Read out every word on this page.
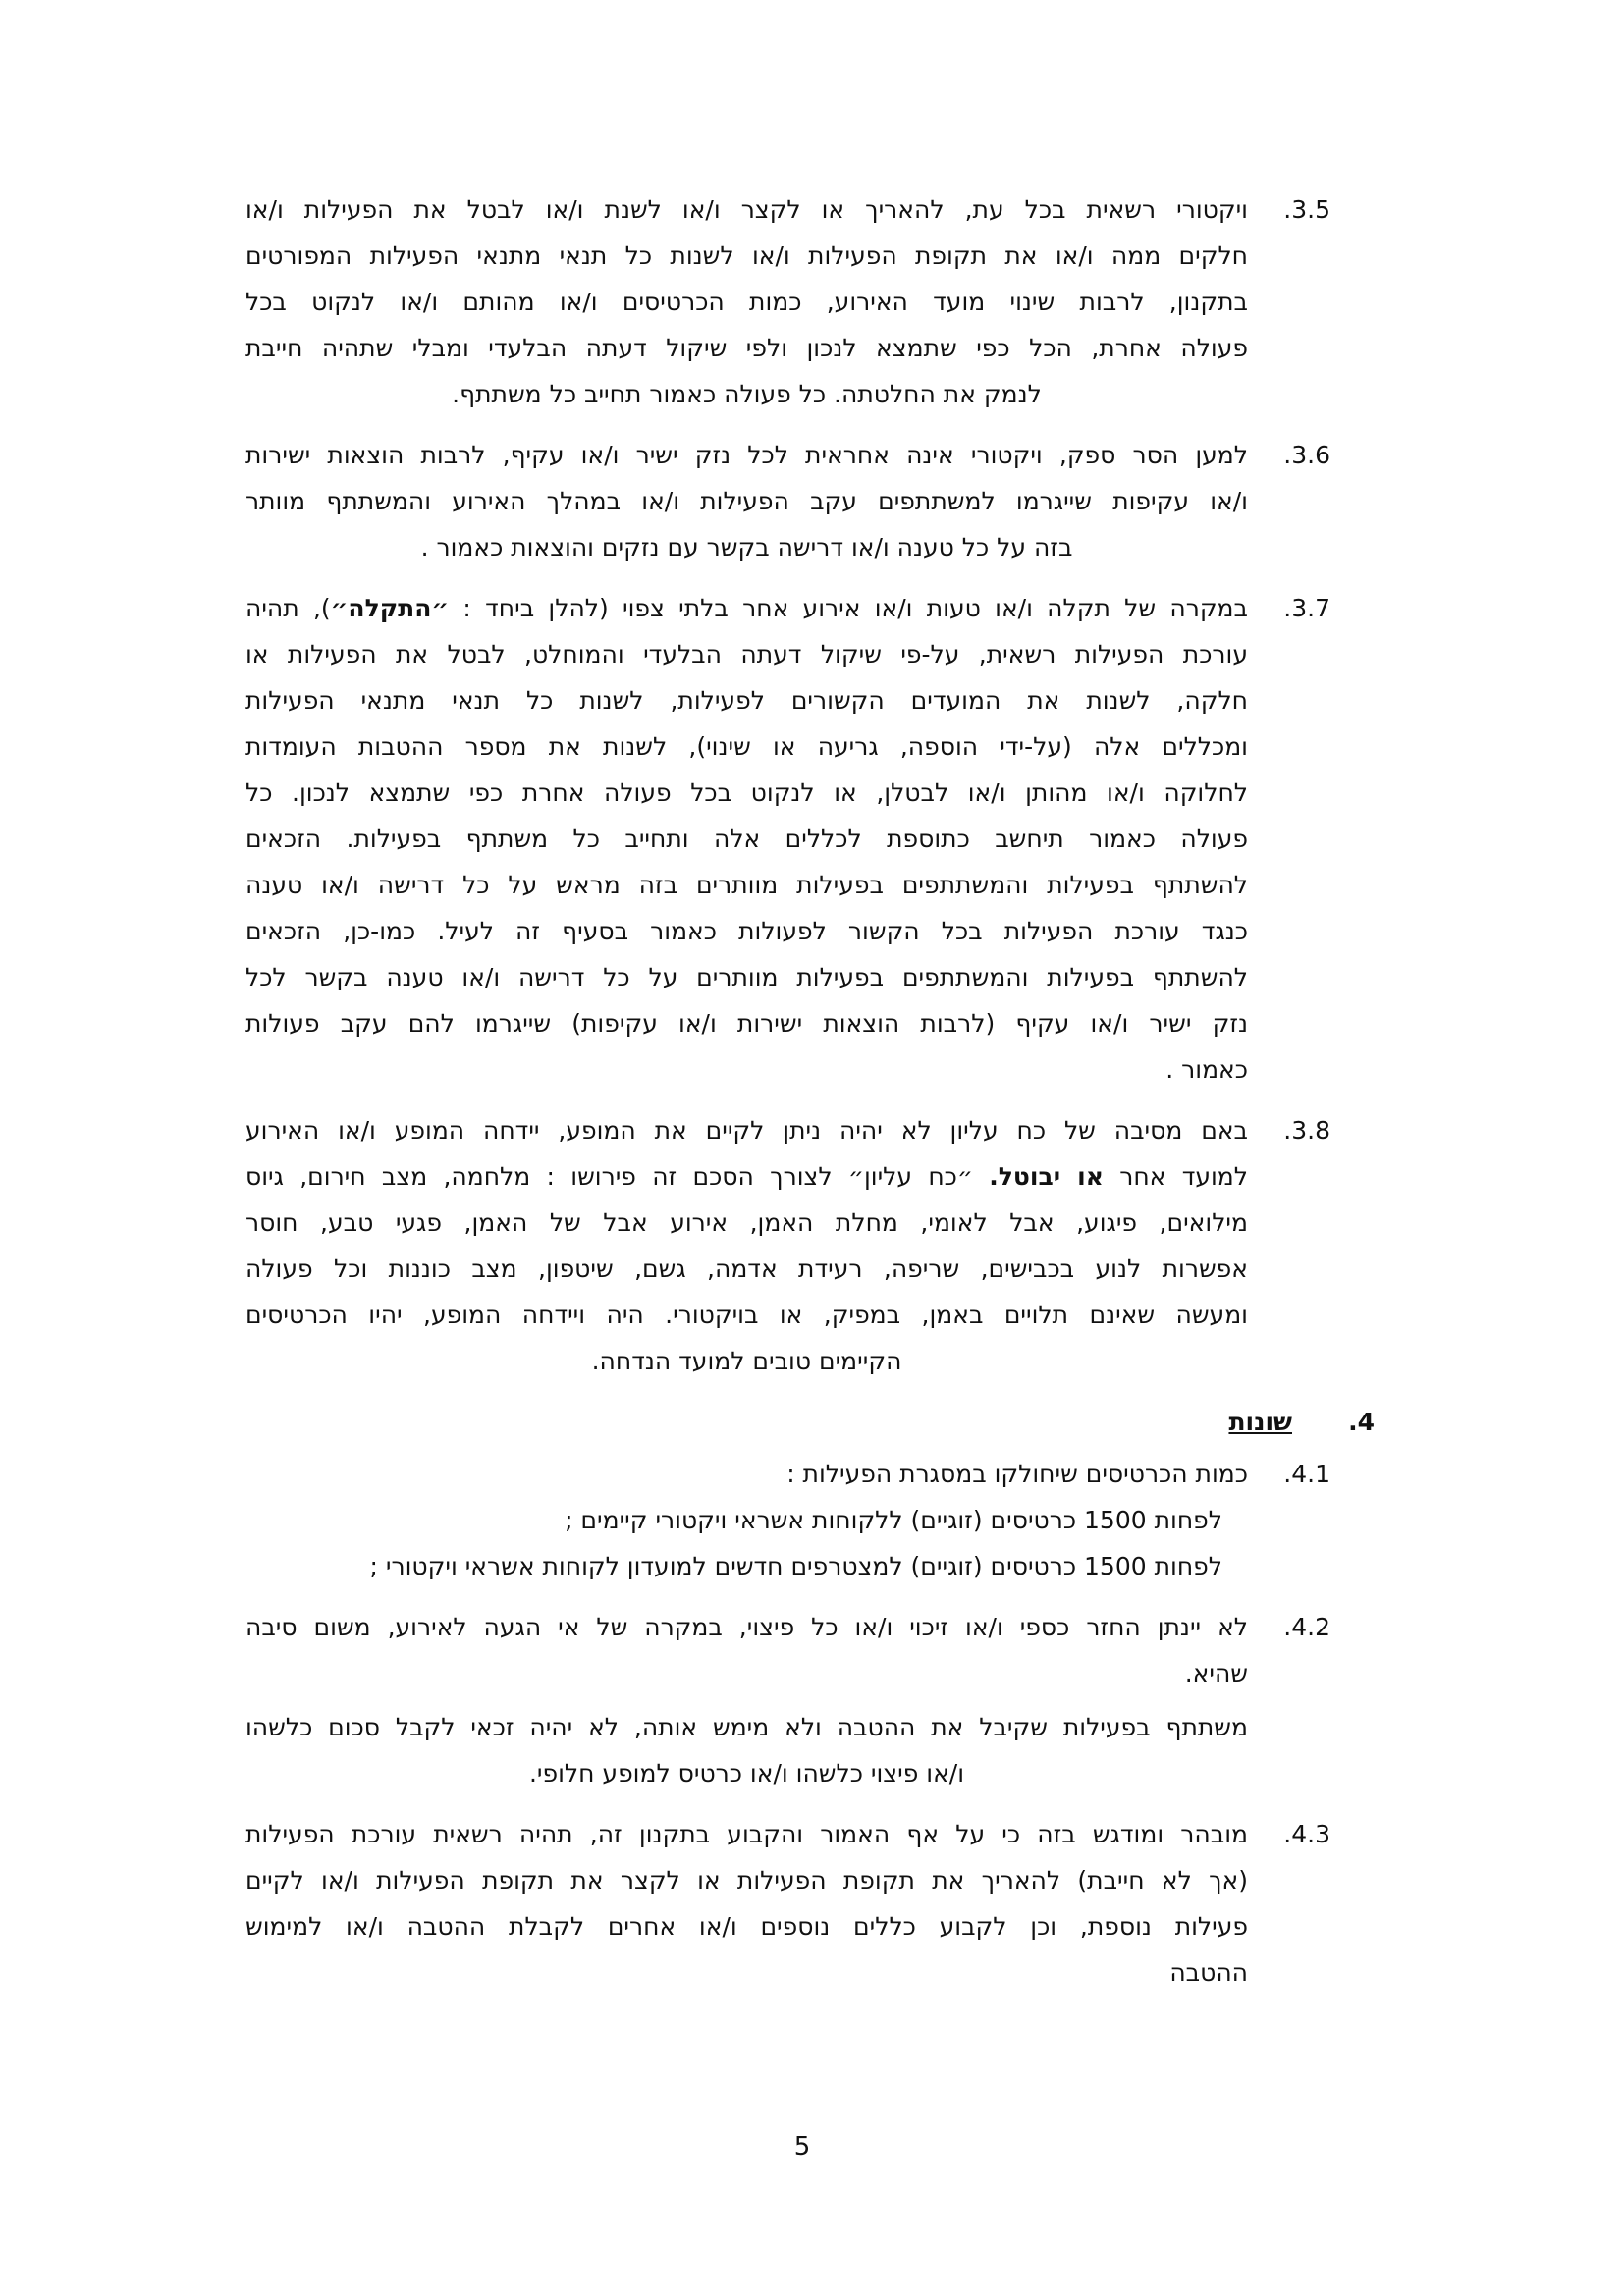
3.5.
ויקטורי רשאית בכל עת, להאריך או לקצר ו/או לשנת ו/או לבטל את הפעילות ו/או
חלקים ממה ו/או את תקופת הפעילות ו/או לשנות כל תנאי מתנאי הפעילות המפורטים
בתקנון, לרבות שינוי מועד האירוע, כמות הכרטיסים ו/או מהותם ו/או לנקוט בכל
פעולה אחרת, הכל כפי שתמצא לנכון ולפי שיקול דעתה הבלעדי ומבלי שתהיה חייבת
לנמק את החלטתה. כל פעולה כאמור תחייב כל משתתף.
3.6.
למען הסר ספק, ויקטורי אינה אחראית לכל נזק ישיר ו/או עקיף, לרבות הוצאות ישירות
ו/או עקיפות שייגרמו למשתתפים עקב הפעילות ו/או במהלך האירוע והמשתתף מוותר
בזה על כל טענה ו/או דרישה בקשר עם נזקים והוצאות כאמור .
3.7.
במקרה של תקלה ו/או טעות ו/או אירוע אחר בלתי צפוי (להלן ביחד : ״התקלה״), תהיה
עורכת הפעילות רשאית, על-פי שיקול דעתה הבלעדי והמוחלט, לבטל את הפעילות או
חלקה, לשנות את המועדים הקשורים לפעילות, לשנות כל תנאי מתנאי הפעילות
ומכללים אלה (על-ידי הוספה, גריעה או שינוי), לשנות את מספר ההטבות העומדות
לחלוקה ו/או מהותן ו/או לבטלן, או לנקוט בכל פעולה אחרת כפי שתמצא לנכון. כל
פעולה כאמור תיחשב כתוספת לכללים אלה ותחייב כל משתתף בפעילות. הזכאים
להשתתף בפעילות והמשתתפים בפעילות מוותרים בזה מראש על כל דרישה ו/או טענה
כנגד עורכת הפעילות בכל הקשור לפעולות כאמור בסעיף זה לעיל. כמו-כן, הזכאים
להשתתף בפעילות והמשתתפים בפעילות מוותרים על כל דרישה ו/או טענה בקשר לכל
נזק ישיר ו/או עקיף (לרבות הוצאות ישירות ו/או עקיפות) שייגרמו להם עקב פעולות
כאמור .
3.8.
באם מסיבה של כח עליון לא יהיה ניתן לקיים את המופע, יידחה המופע ו/או האירוע
למועד אחר או יבוטל. ״כח עליון״ לצורך הסכם זה פירושו : מלחמה, מצב חירום, גיוס
מילואים, פיגוע, אבל לאומי, מחלת האמן, אירוע אבל של האמן, פגעי טבע, חוסר
אפשרות לנוע בכבישים, שריפה, רעידת אדמה, גשם, שיטפון, מצב כוננות וכל פעולה
ומעשה שאינם תלויים באמן, במפיק, או בויקטורי. היה ויידחה המופע, יהיו הכרטיסים
הקיימים טובים למועד הנדחה.
4.
שונות
4.1.
כמות הכרטיסים שיחולקו במסגרת הפעילות :
לפחות 1500 כרטיסים (זוגיים) ללקוחות אשראי ויקטורי קיימים ;
לפחות 1500 כרטיסים (זוגיים) למצטרפים חדשים למועדון לקוחות אשראי ויקטורי ;
4.2.
לא יינתן החזר כספי ו/או זיכוי ו/או כל פיצוי, במקרה של אי הגעה לאירוע, משום סיבה
שהיא.
משתתף בפעילות שקיבל את ההטבה ולא מימש אותה, לא יהיה זכאי לקבל סכום כלשהו
ו/או פיצוי כלשהו ו/או כרטיס למופע חלופי.
4.3.
מובהר ומודגש בזה כי על אף האמור והקבוע בתקנון זה, תהיה רשאית עורכת הפעילות
(אך לא חייבת) להאריך את תקופת הפעילות או לקצר את תקופת הפעילות ו/או לקיים
פעילות נוספת, וכן לקבוע כללים נוספים ו/או אחרים לקבלת ההטבה ו/או למימוש
ההטבה
5
